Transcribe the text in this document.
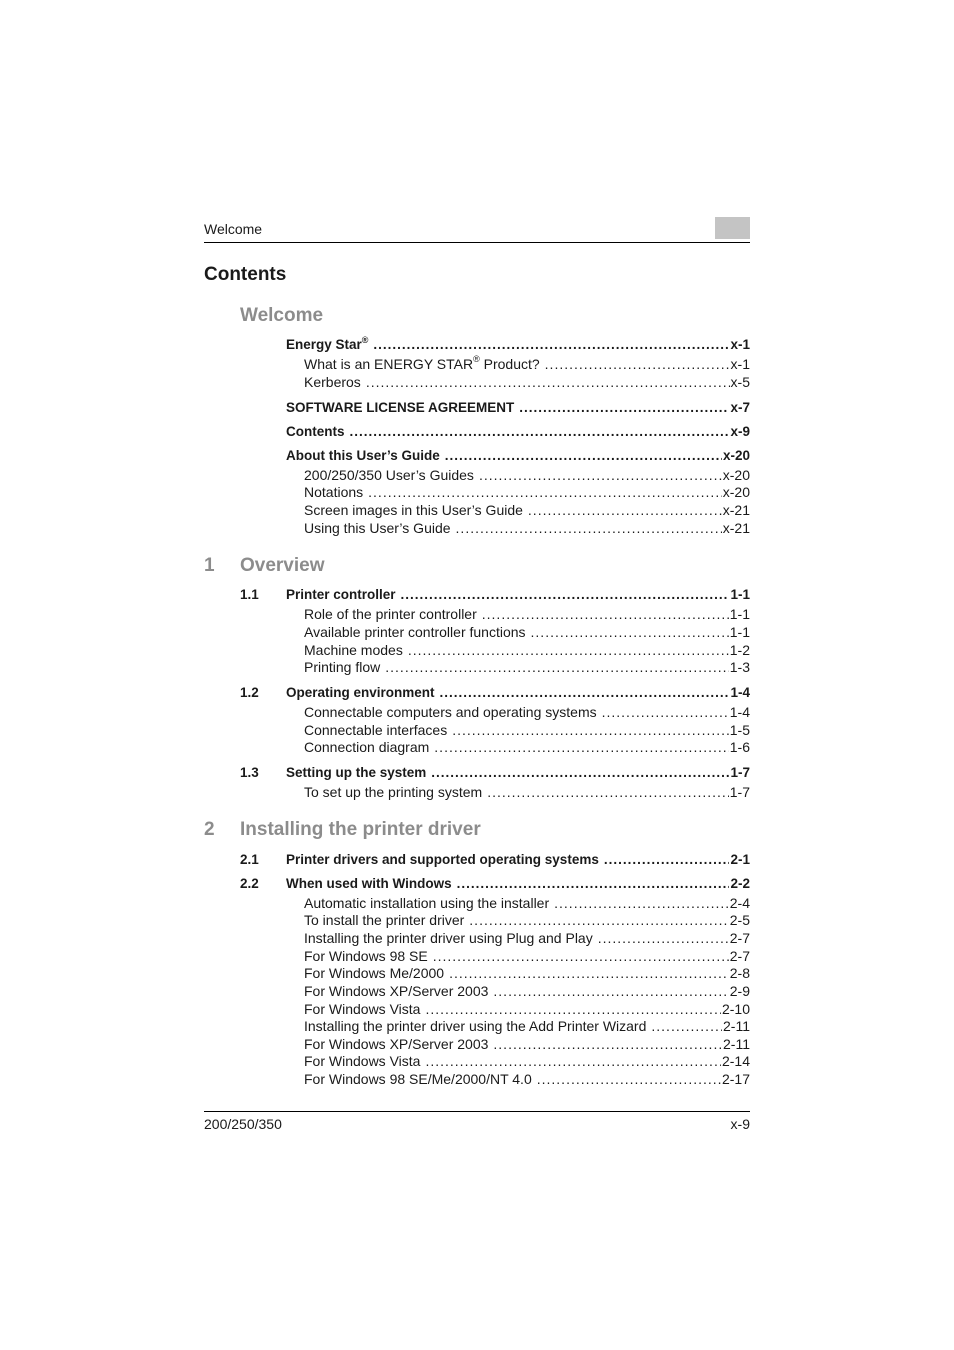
Welcome
Contents
Welcome
Energy Star® .....	x-1
What is an ENERGY STAR® Product? .....	x-1
Kerberos .....	x-5
SOFTWARE LICENSE AGREEMENT .....	x-7
Contents .....	x-9
About this User’s Guide .....	x-20
200/250/350 User’s Guides .....	x-20
Notations .....	x-20
Screen images in this User’s Guide .....	x-21
Using this User’s Guide .....	x-21
1 Overview
1.1 Printer controller .....	1-1
Role of the printer controller .....	1-1
Available printer controller functions .....	1-1
Machine modes .....	1-2
Printing flow .....	1-3
1.2 Operating environment .....	1-4
Connectable computers and operating systems .....	1-4
Connectable interfaces .....	1-5
Connection diagram .....	1-6
1.3 Setting up the system .....	1-7
To set up the printing system .....	1-7
2 Installing the printer driver
2.1 Printer drivers and supported operating systems .....	2-1
2.2 When used with Windows .....	2-2
Automatic installation using the installer .....	2-4
To install the printer driver .....	2-5
Installing the printer driver using Plug and Play .....	2-7
For Windows 98 SE .....	2-7
For Windows Me/2000 .....	2-8
For Windows XP/Server 2003 .....	2-9
For Windows Vista .....	2-10
Installing the printer driver using the Add Printer Wizard .....	2-11
For Windows XP/Server 2003 .....	2-11
For Windows Vista .....	2-14
For Windows 98 SE/Me/2000/NT 4.0 .....	2-17
200/250/350	x-9
